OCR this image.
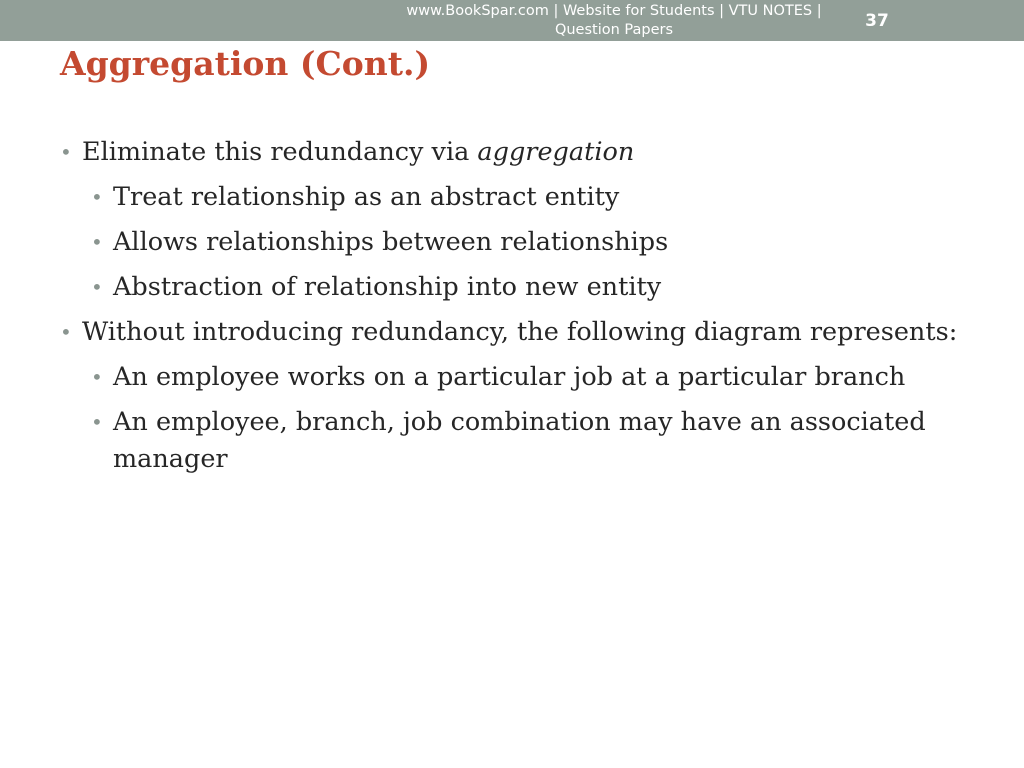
www.BookSpar.com | Website for Students | VTU NOTES | Question Papers	37
Aggregation (Cont.)
• Eliminate this redundancy via aggregation
• Treat relationship as an abstract entity
• Allows relationships between relationships
• Abstraction of relationship into new entity
• Without introducing redundancy, the following diagram represents:
• An employee works on a particular job at a particular branch
• An employee, branch, job combination may have an associated manager
